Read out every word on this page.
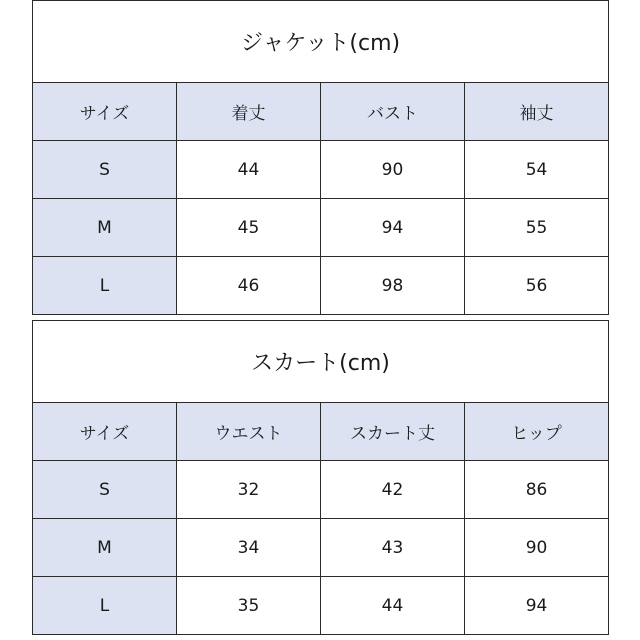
ジャケット(cm)			
サイズ	着丈	バスト	袖丈
S	44	90	54
M	45	94	55
L	46	98	56
スカート(cm)			
サイズ	ウエスト	スカート丈	ヒップ
S	32	42	86
M	34	43	90
L	35	44	94
